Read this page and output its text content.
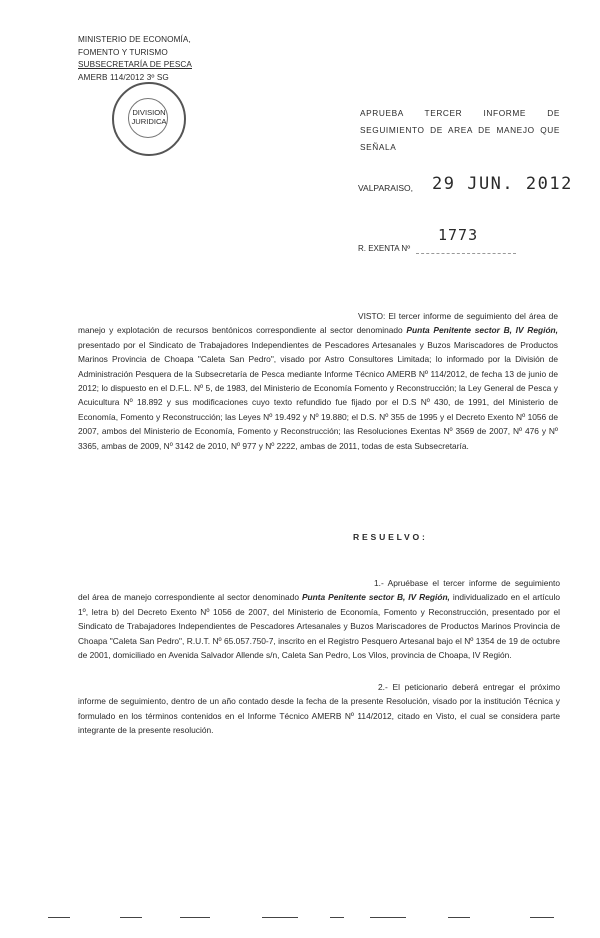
MINISTERIO DE ECONOMÍA,
FOMENTO Y TURISMO
SUBSECRETARÍA DE PESCA
AMERB 114/2012 3º SG
DIVISION
JURIDICA
APRUEBA TERCER INFORME DE SEGUIMIENTO DE AREA DE MANEJO QUE SEÑALA
VALPARAISO, 29 JUN. 2012
1773
R. EXENTA Nº
VISTO: El tercer informe de seguimiento del área de manejo y explotación de recursos bentónicos correspondiente al sector denominado Punta Penitente sector B, IV Región, presentado por el Sindicato de Trabajadores Independientes de Pescadores Artesanales y Buzos Mariscadores de Productos Marinos Provincia de Choapa "Caleta San Pedro", visado por Astro Consultores Limitada; lo informado por la División de Administración Pesquera de la Subsecretaría de Pesca mediante Informe Técnico AMERB Nº 114/2012, de fecha 13 de junio de 2012; lo dispuesto en el D.F.L. Nº 5, de 1983, del Ministerio de Economía Fomento y Reconstrucción; la Ley General de Pesca y Acuicultura Nº 18.892 y sus modificaciones cuyo texto refundido fue fijado por el D.S Nº 430, de 1991, del Ministerio de Economía, Fomento y Reconstrucción; las Leyes Nº 19.492 y Nº 19.880; el D.S. Nº 355 de 1995 y el Decreto Exento Nº 1056 de 2007, ambos del Ministerio de Economía, Fomento y Reconstrucción; las Resoluciones Exentas Nº 3569 de 2007, Nº 476 y Nº 3365, ambas de 2009, Nº 3142 de 2010, Nº 977 y Nº 2222, ambas de 2011, todas de esta Subsecretaría.
RESUELVO:
1.- Apruébase el tercer informe de seguimiento del área de manejo correspondiente al sector denominado Punta Penitente sector B, IV Región, individualizado en el artículo 1º, letra b) del Decreto Exento Nº 1056 de 2007, del Ministerio de Economía, Fomento y Reconstrucción, presentado por el Sindicato de Trabajadores Independientes de Pescadores Artesanales y Buzos Mariscadores de Productos Marinos Provincia de Choapa "Caleta San Pedro", R.U.T. Nº 65.057.750-7, inscrito en el Registro Pesquero Artesanal bajo el Nº 1354 de 19 de octubre de 2001, domiciliado en Avenida Salvador Allende s/n, Caleta San Pedro, Los Vilos, provincia de Choapa, IV Región.
2.- El peticionario deberá entregar el próximo informe de seguimiento, dentro de un año contado desde la fecha de la presente Resolución, visado por la institución Técnica y formulado en los términos contenidos en el Informe Técnico AMERB Nº 114/2012, citado en Visto, el cual se considera parte integrante de la presente resolución.
